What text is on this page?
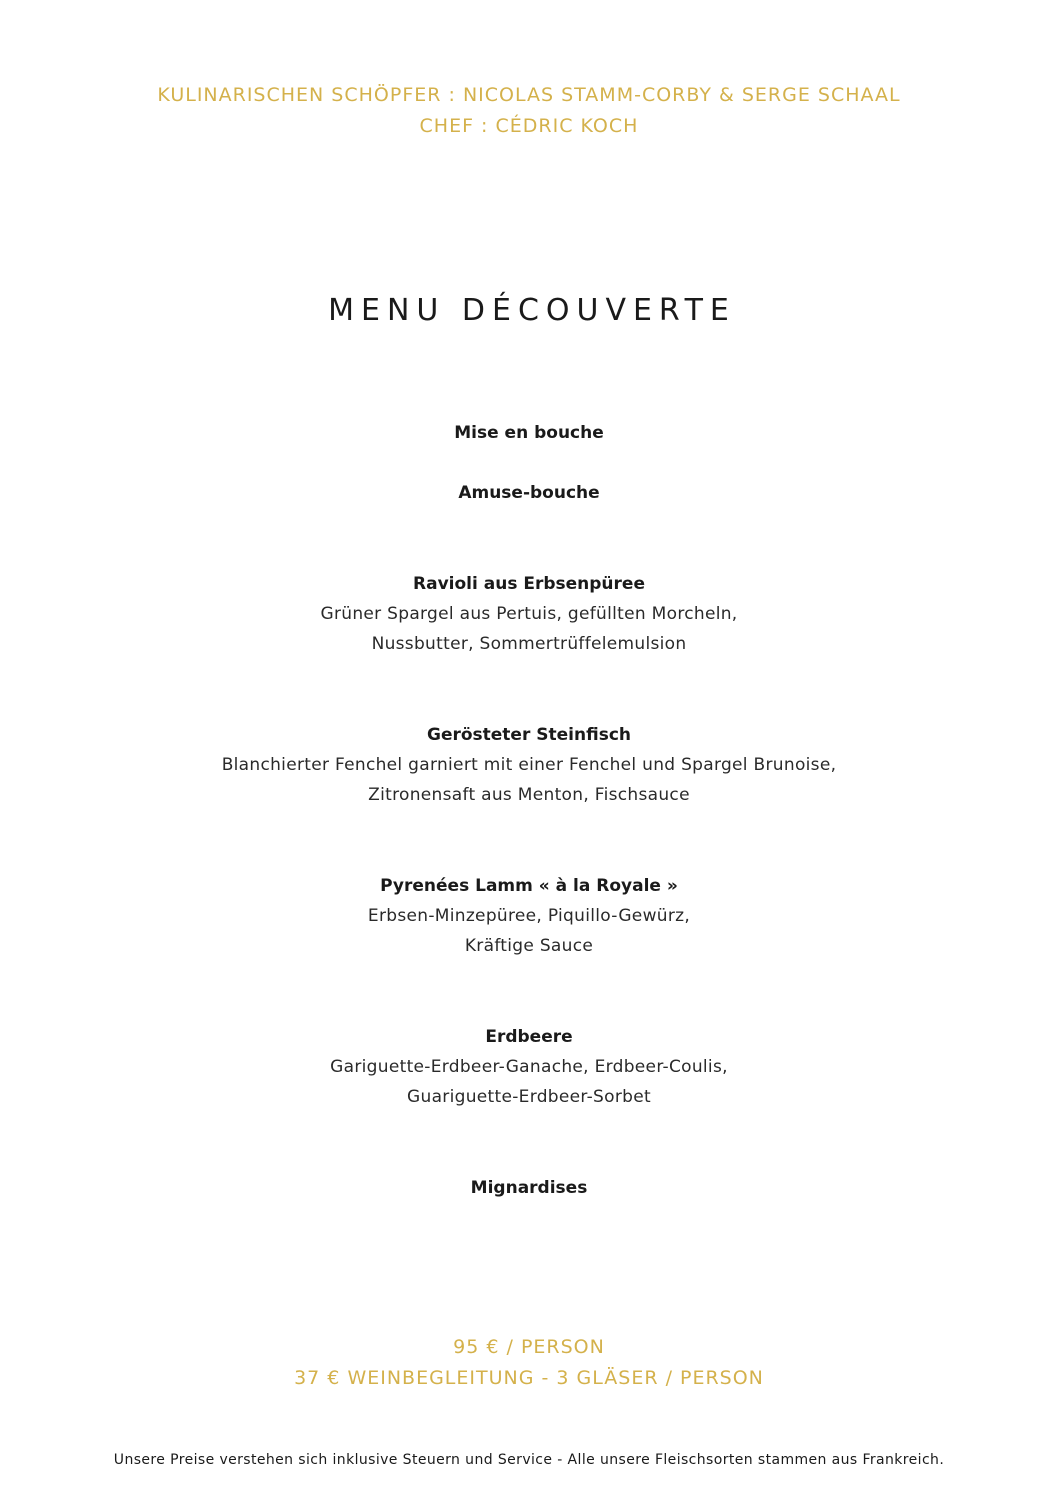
KULINARISCHEN SCHÖPFER : NICOLAS STAMM-CORBY & SERGE SCHAAL
CHEF : CÉDRIC KOCH
MENU DÉCOUVERTE
Mise en bouche
Amuse-bouche
Ravioli aus Erbsenpüree
Grüner Spargel aus Pertuis, gefüllten Morcheln,
Nussbutter, Sommertrüffelemulsion
Gerösteter Steinfisch
Blanchierter Fenchel garniert mit einer Fenchel und Spargel Brunoise,
Zitronensaft aus Menton, Fischsauce
Pyrenées Lamm « à la Royale »
Erbsen-Minzepüree, Piquillo-Gewürz,
Kräftige Sauce
Erdbeere
Gariguette-Erdbeer-Ganache, Erdbeer-Coulis,
Guariguette-Erdbeer-Sorbet
Mignardises
95 € / PERSON
37 € WEINBEGLEITUNG - 3 GLÄSER / PERSON
Unsere Preise verstehen sich inklusive Steuern und Service - Alle unsere Fleischsorten stammen aus Frankreich.
